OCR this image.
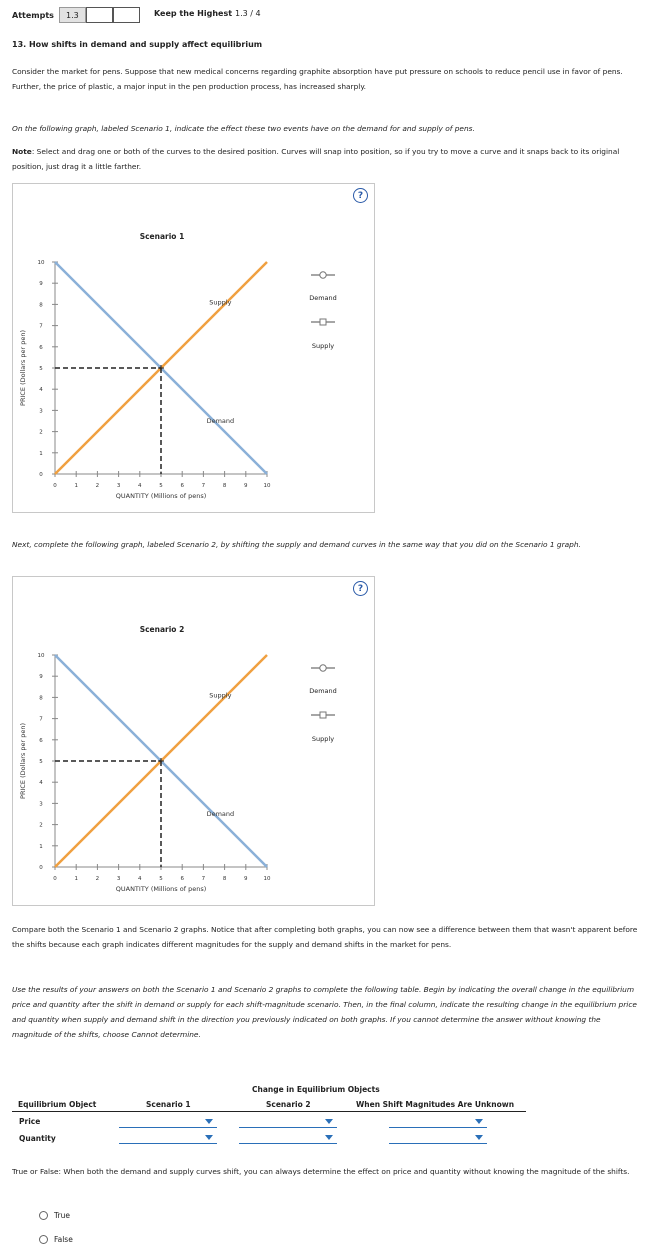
Attempts	1.3	Keep the Highest 1.3 / 4
13. How shifts in demand and supply affect equilibrium
Consider the market for pens. Suppose that new medical concerns regarding graphite absorption have put pressure on schools to reduce pencil use in favor of pens. Further, the price of plastic, a major input in the pen production process, has increased sharply.
On the following graph, labeled Scenario 1, indicate the effect these two events have on the demand for and supply of pens.
Note: Select and drag one or both of the curves to the desired position. Curves will snap into position, so if you try to move a curve and it snaps back to its original position, just drag it a little farther.
?
Scenario 1
0	1	2	3	4	5	6	7	8	9	10
10
9
8
7
6
5
4
3
2
1
0
QUANTITY (Millions of pens)
PRICE (Dollars per pen)
Supply
Demand
Demand
Supply
Next, complete the following graph, labeled Scenario 2, by shifting the supply and demand curves in the same way that you did on the Scenario 1 graph.
?
Scenario 2
0	1	2	3	4	5	6	7	8	9	10
10
9
8
7
6
5
4
3
2
1
0
QUANTITY (Millions of pens)
PRICE (Dollars per pen)
Supply
Demand
Demand
Supply
Compare both the Scenario 1 and Scenario 2 graphs. Notice that after completing both graphs, you can now see a difference between them that wasn't apparent before the shifts because each graph indicates different magnitudes for the supply and demand shifts in the market for pens.
Use the results of your answers on both the Scenario 1 and Scenario 2 graphs to complete the following table. Begin by indicating the overall change in the equilibrium price and quantity after the shift in demand or supply for each shift-magnitude scenario. Then, in the final column, indicate the resulting change in the equilibrium price and quantity when supply and demand shift in the direction you previously indicated on both graphs. If you cannot determine the answer without knowing the magnitude of the shifts, choose Cannot determine.
Change in Equilibrium Objects
Equilibrium Object	Scenario 1	Scenario 2	When Shift Magnitudes Are Unknown
Price
Quantity
True or False: When both the demand and supply curves shift, you can always determine the effect on price and quantity without knowing the magnitude of the shifts.
True
False
